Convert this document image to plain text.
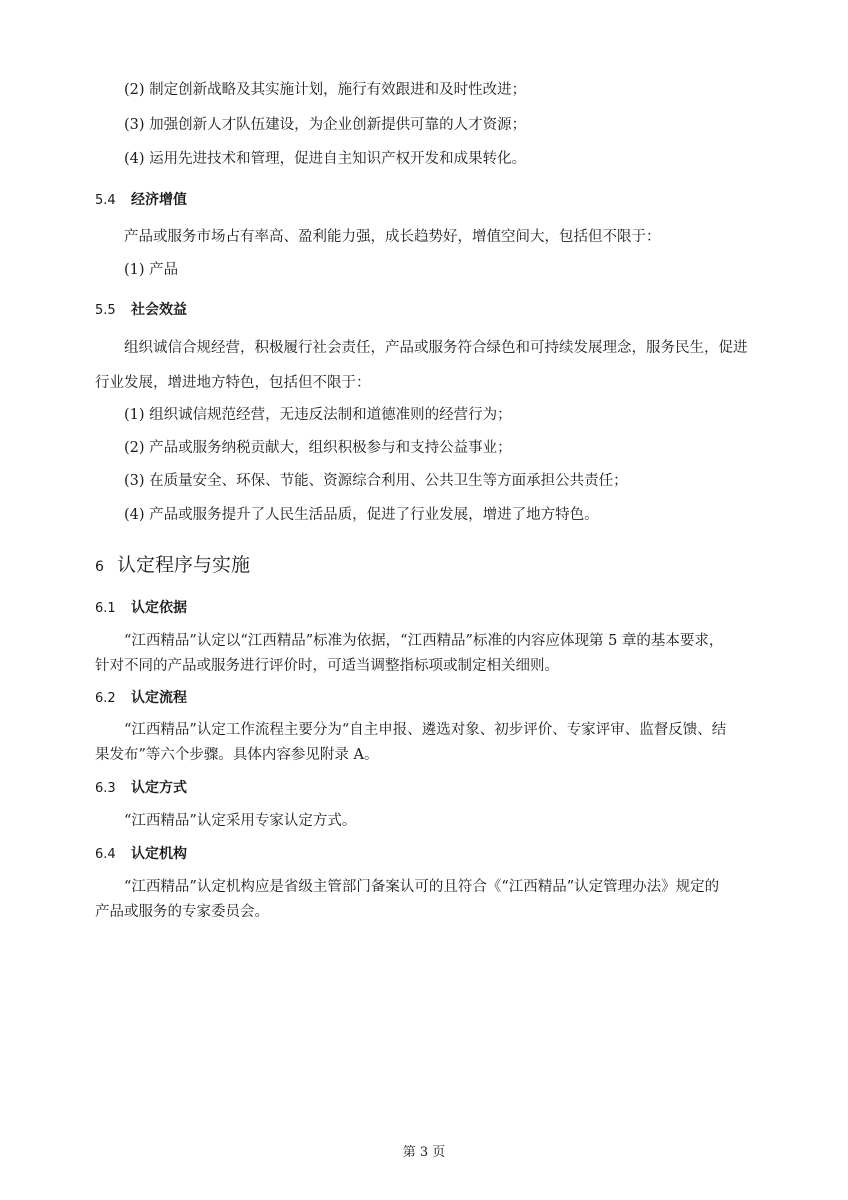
(2) 制定创新战略及其实施计划，施行有效跟进和及时性改进；
(3) 加强创新人才队伍建设，为企业创新提供可靠的人才资源；
(4) 运用先进技术和管理，促进自主知识产权开发和成果转化。
5.4 经济增值
产品或服务市场占有率高、盈利能力强，成长趋势好，增值空间大，包括但不限于：
(1) 产品
5.5 社会效益
组织诚信合规经营，积极履行社会责任，产品或服务符合绿色和可持续发展理念，服务民生，促进
行业发展，增进地方特色，包括但不限于：
(1) 组织诚信规范经营，无违反法制和道德准则的经营行为；
(2) 产品或服务纳税贡献大，组织积极参与和支持公益事业；
(3) 在质量安全、环保、节能、资源综合利用、公共卫生等方面承担公共责任；
(4) 产品或服务提升了人民生活品质，促进了行业发展，增进了地方特色。
6 认定程序与实施
6.1 认定依据
“江西精品”认定以“江西精品”标准为依据，“江西精品”标准的内容应体现第 5 章的基本要求，
针对不同的产品或服务进行评价时，可适当调整指标项或制定相关细则。
6.2 认定流程
“江西精品”认定工作流程主要分为“自主申报、遴选对象、初步评价、专家评审、监督反馈、结
果发布”等六个步骤。具体内容参见附录 A。
6.3 认定方式
“江西精品”认定采用专家认定方式。
6.4 认定机构
“江西精品”认定机构应是省级主管部门备案认可的且符合《“江西精品”认定管理办法》规定的
产品或服务的专家委员会。
第 3 页
